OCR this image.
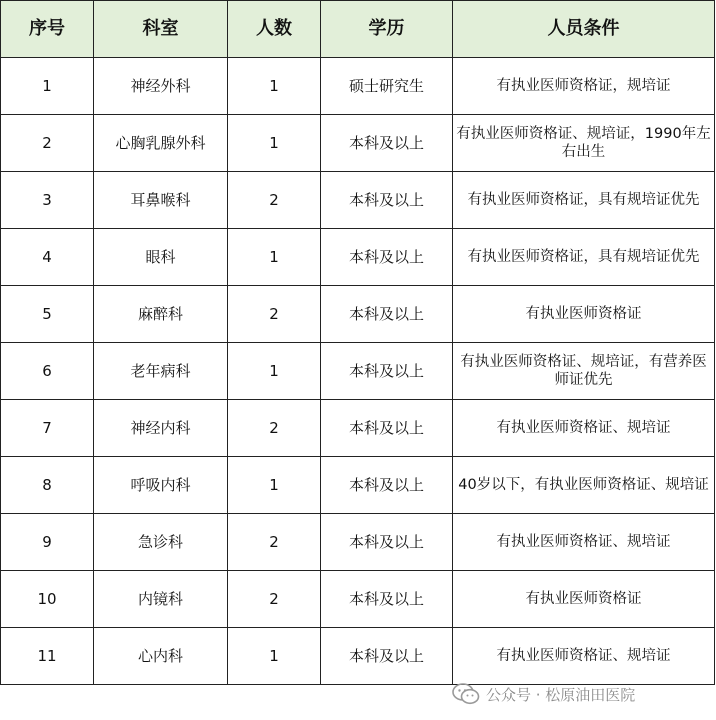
序号	科室	人数	学历	人员条件
1	神经外科	1	硕士研究生	有执业医师资格证，规培证
2	心胸乳腺外科	1	本科及以上	有执业医师资格证、规培证，1990年左右出生
3	耳鼻喉科	2	本科及以上	有执业医师资格证，具有规培证优先
4	眼科	1	本科及以上	有执业医师资格证，具有规培证优先
5	麻醉科	2	本科及以上	有执业医师资格证
6	老年病科	1	本科及以上	有执业医师资格证、规培证，有营养医师证优先
7	神经内科	2	本科及以上	有执业医师资格证、规培证
8	呼吸内科	1	本科及以上	40岁以下，有执业医师资格证、规培证
9	急诊科	2	本科及以上	有执业医师资格证、规培证
10	内镜科	2	本科及以上	有执业医师资格证
11	心内科	1	本科及以上	有执业医师资格证、规培证
公众号 · 松原油田医院
